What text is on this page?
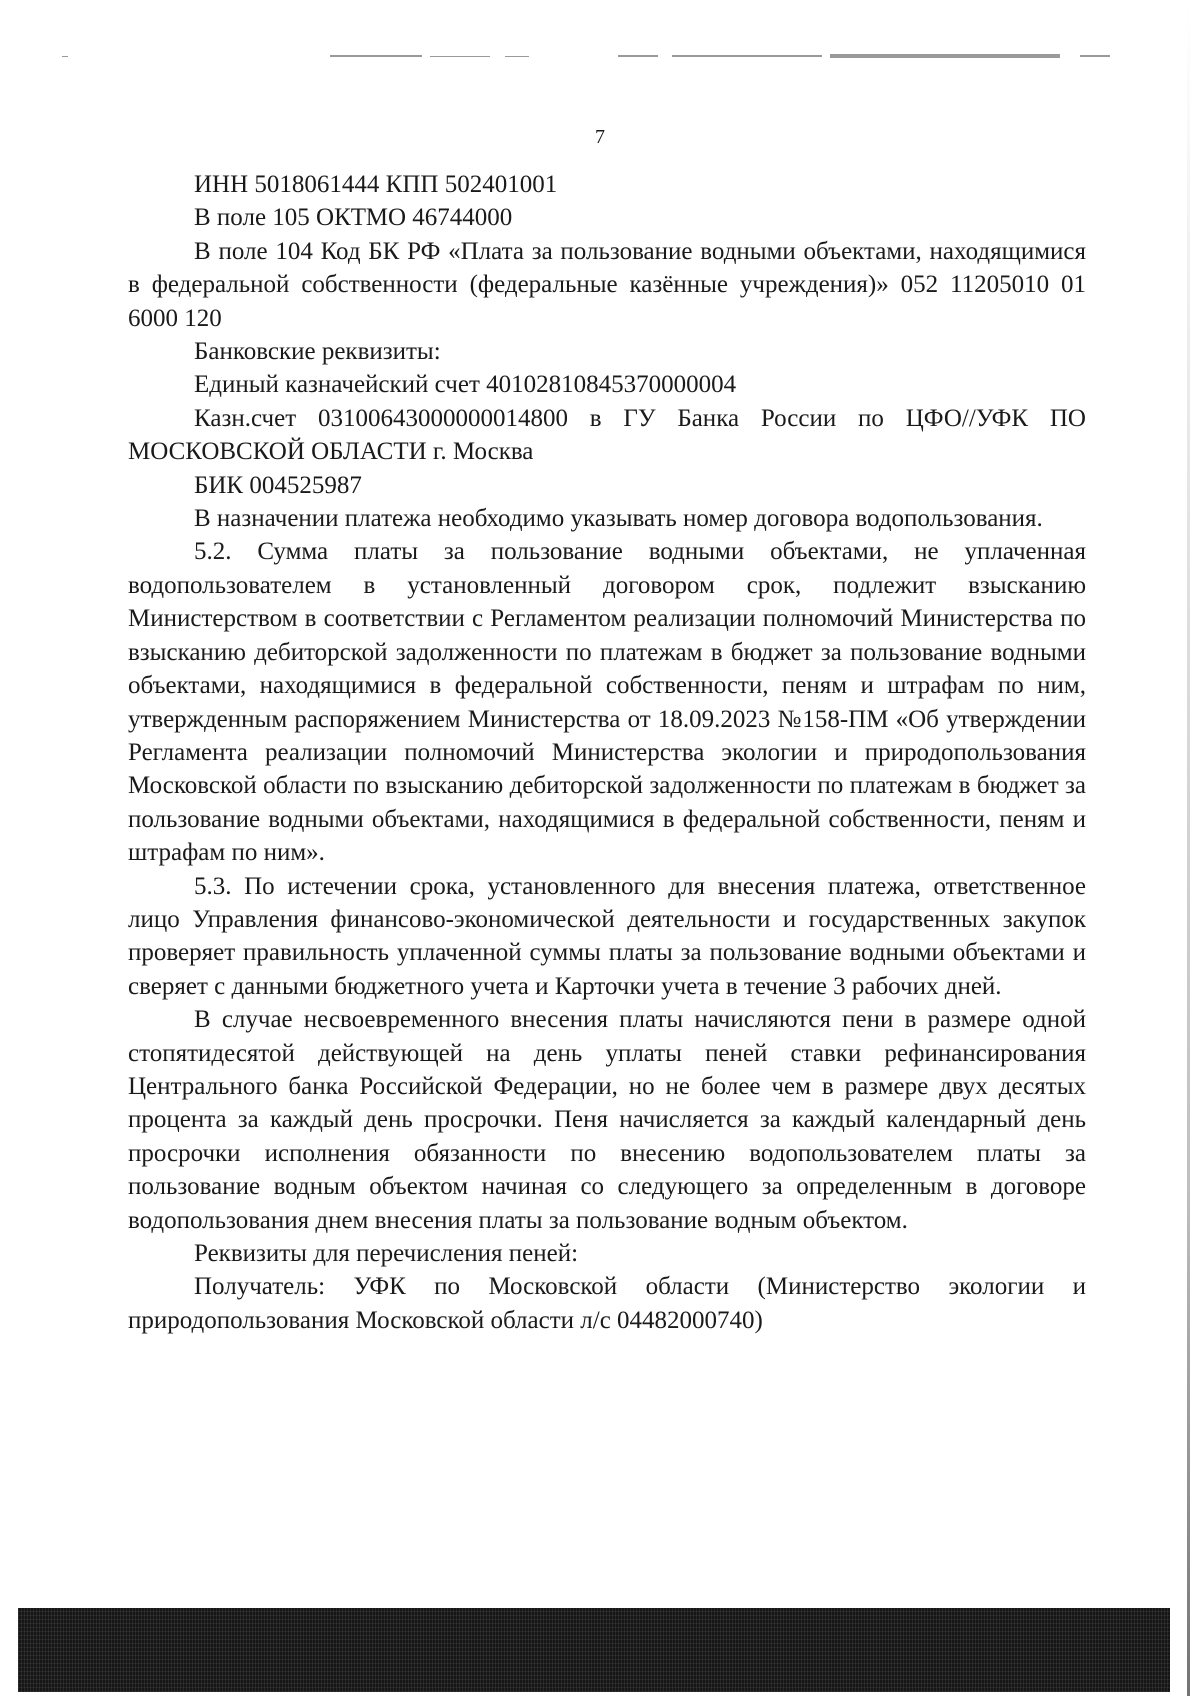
7

ИНН 5018061444 КПП 502401001

В поле 105 ОКТМО 46744000

В поле 104 Код БК РФ «Плата за пользование водными объектами, находящимися в федеральной собственности (федеральные казённые учреждения)» 052 11205010 01 6000 120

Банковские реквизиты:

Единый казначейский счет 40102810845370000004

Казн.счет 03100643000000014800 в ГУ Банка России по ЦФО//УФК ПО МОСКОВСКОЙ ОБЛАСТИ г. Москва

БИК 004525987

В назначении платежа необходимо указывать номер договора водопользования.

5.2. Сумма платы за пользование водными объектами, не уплаченная водопользователем в установленный договором срок, подлежит взысканию Министерством в соответствии с Регламентом реализации полномочий Министерства по взысканию дебиторской задолженности по платежам в бюджет за пользование водными объектами, находящимися в федеральной собственности, пеням и штрафам по ним, утвержденным распоряжением Министерства от 18.09.2023 №158-ПМ «Об утверждении Регламента реализации полномочий Министерства экологии и природопользования Московской области по взысканию дебиторской задолженности по платежам в бюджет за пользование водными объектами, находящимися в федеральной собственности, пеням и штрафам по ним».

5.3. По истечении срока, установленного для внесения платежа, ответственное лицо Управления финансово-экономической деятельности и государственных закупок проверяет правильность уплаченной суммы платы за пользование водными объектами и сверяет с данными бюджетного учета и Карточки учета в течение 3 рабочих дней.

В случае несвоевременного внесения платы начисляются пени в размере одной стопятидесятой действующей на день уплаты пеней ставки рефинансирования Центрального банка Российской Федерации, но не более чем в размере двух десятых процента за каждый день просрочки. Пеня начисляется за каждый календарный день просрочки исполнения обязанности по внесению водопользователем платы за пользование водным объектом начиная со следующего за определенным в договоре водопользования днем внесения платы за пользование водным объектом.

Реквизиты для перечисления пеней:

Получатель: УФК по Московской области (Министерство экологии и природопользования Московской области л/с 04482000740)
